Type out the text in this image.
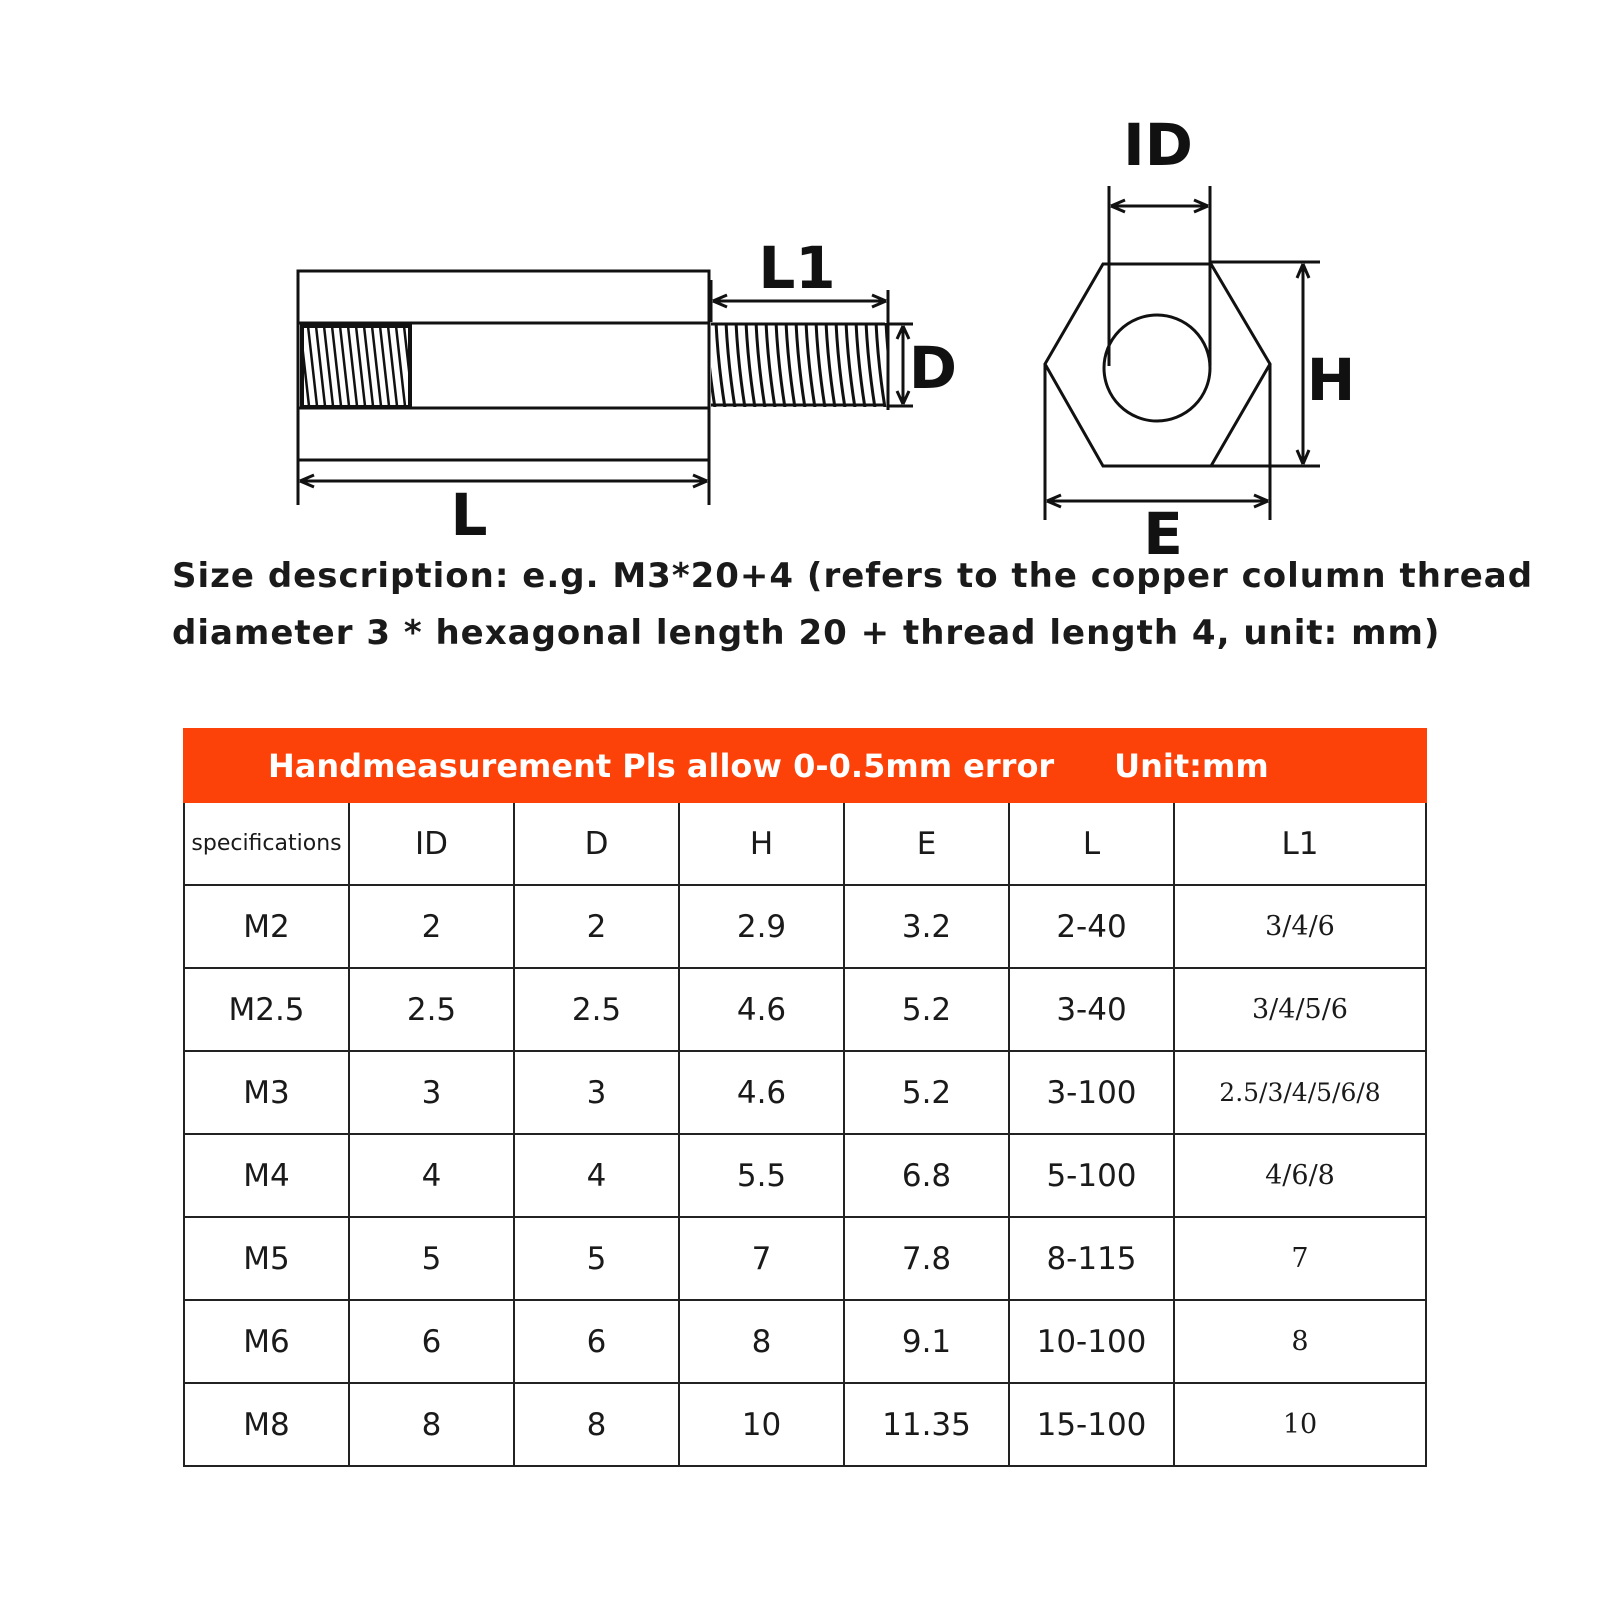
ID
L1
D	H
L	E
Size description: e.g. M3*20+4 (refers to the copper column thread
diameter 3 * hexagonal length 20 + thread length 4, unit: mm)
Handmeasurement Pls allow 0-0.5mm error Unit:mm						
specifications	ID	D	H	E	L	L1
M2	2	2	2.9	3.2	2-40	3/4/6
M2.5	2.5	2.5	4.6	5.2	3-40	3/4/5/6
M3	3	3	4.6	5.2	3-100	2.5/3/4/5/6/8
M4	4	4	5.5	6.8	5-100	4/6/8
M5	5	5	7	7.8	8-115	7
M6	6	6	8	9.1	10-100	8
M8	8	8	10	11.35	15-100	10
